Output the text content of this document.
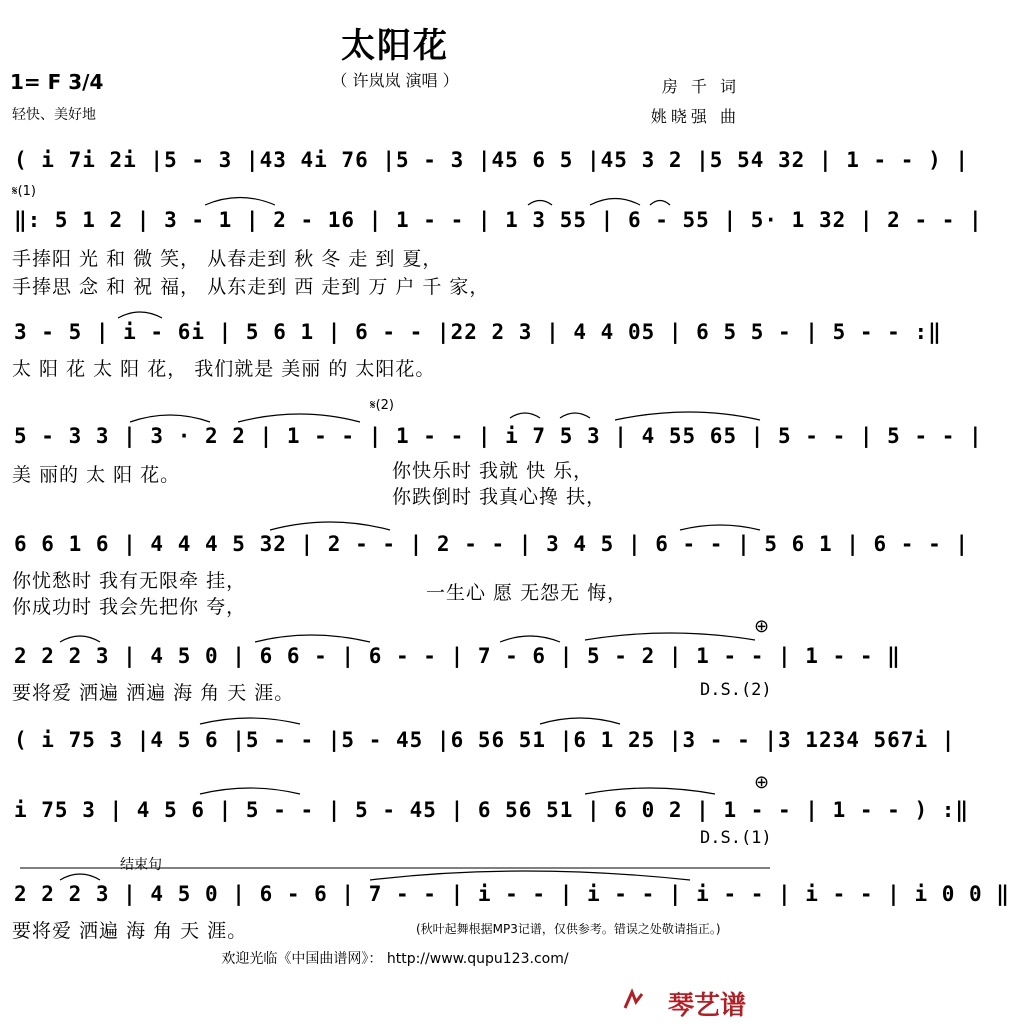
太阳花
（ 许岚岚 演唱 ）
1= F 3/4
轻快、美好地
房 千 词
姚晓强 曲
( i 7i 2i |5 - 3 |43 4i 76 |5 - 3 |45 6 5 |45 3 2 |5 54 32 | 1 - - ) |
𝄋(1)
‖: 5 1 2 | 3 - 1 | 2 - 16 | 1 - - | 1 3 55 | 6 - 55 | 5· 1 32 | 2 - - |
手捧阳 光 和 微 笑， 从春走到 秋 冬 走 到 夏，
手捧思 念 和 祝 福， 从东走到 西 走到 万 户 千 家，
3 - 5 | i - 6i | 5 6 1 | 6 - - |22 2 3 | 4 4 05 | 6 5 5 - | 5 - - :‖
太 阳 花 太 阳 花， 我们就是 美丽 的 太阳花。
𝄋(2)
5 - 3 3 | 3 · 2 2 | 1 - - | 1 - - | i 7 5 3 | 4 55 65 | 5 - - | 5 - - |
美 丽的 太 阳 花。	你快乐时 我就 快 乐，
你跌倒时 我真心搀 扶，
6 6 1 6 | 4 4 4 5 32 | 2 - - | 2 - - | 3 4 5 | 6 - - | 5 6 1 | 6 - - |
你忧愁时 我有无限牵 挂，
你成功时 我会先把你 夸，
一生心 愿 无怨无 悔，
⊕
2 2 2 3 | 4 5 0 | 6 6 - | 6 - - | 7 - 6 | 5 - 2 | 1 - - | 1 - - ‖
要将爱 洒遍 洒遍 海 角 天 涯。	D.S.(2)
( i 75 3 |4 5 6 |5 - - |5 - 45 |6 56 51 |6 1 25 |3 - - |3 1234 567i |
⊕
i 75 3 | 4 5 6 | 5 - - | 5 - 45 | 6 56 51 | 6 0 2 | 1 - - | 1 - - ) :‖
D.S.(1)
结束句
2 2 2 3 | 4 5 0 | 6 - 6 | 7 - - | i - - | i - - | i - - | i - - | i 0 0 ‖
要将爱 洒遍 海 角 天 涯。	(秋叶起舞根据MP3记谱，仅供参考。错误之处敬请指正。)
欢迎光临《中国曲谱网》： http://www.qupu123.com/
琴艺谱
